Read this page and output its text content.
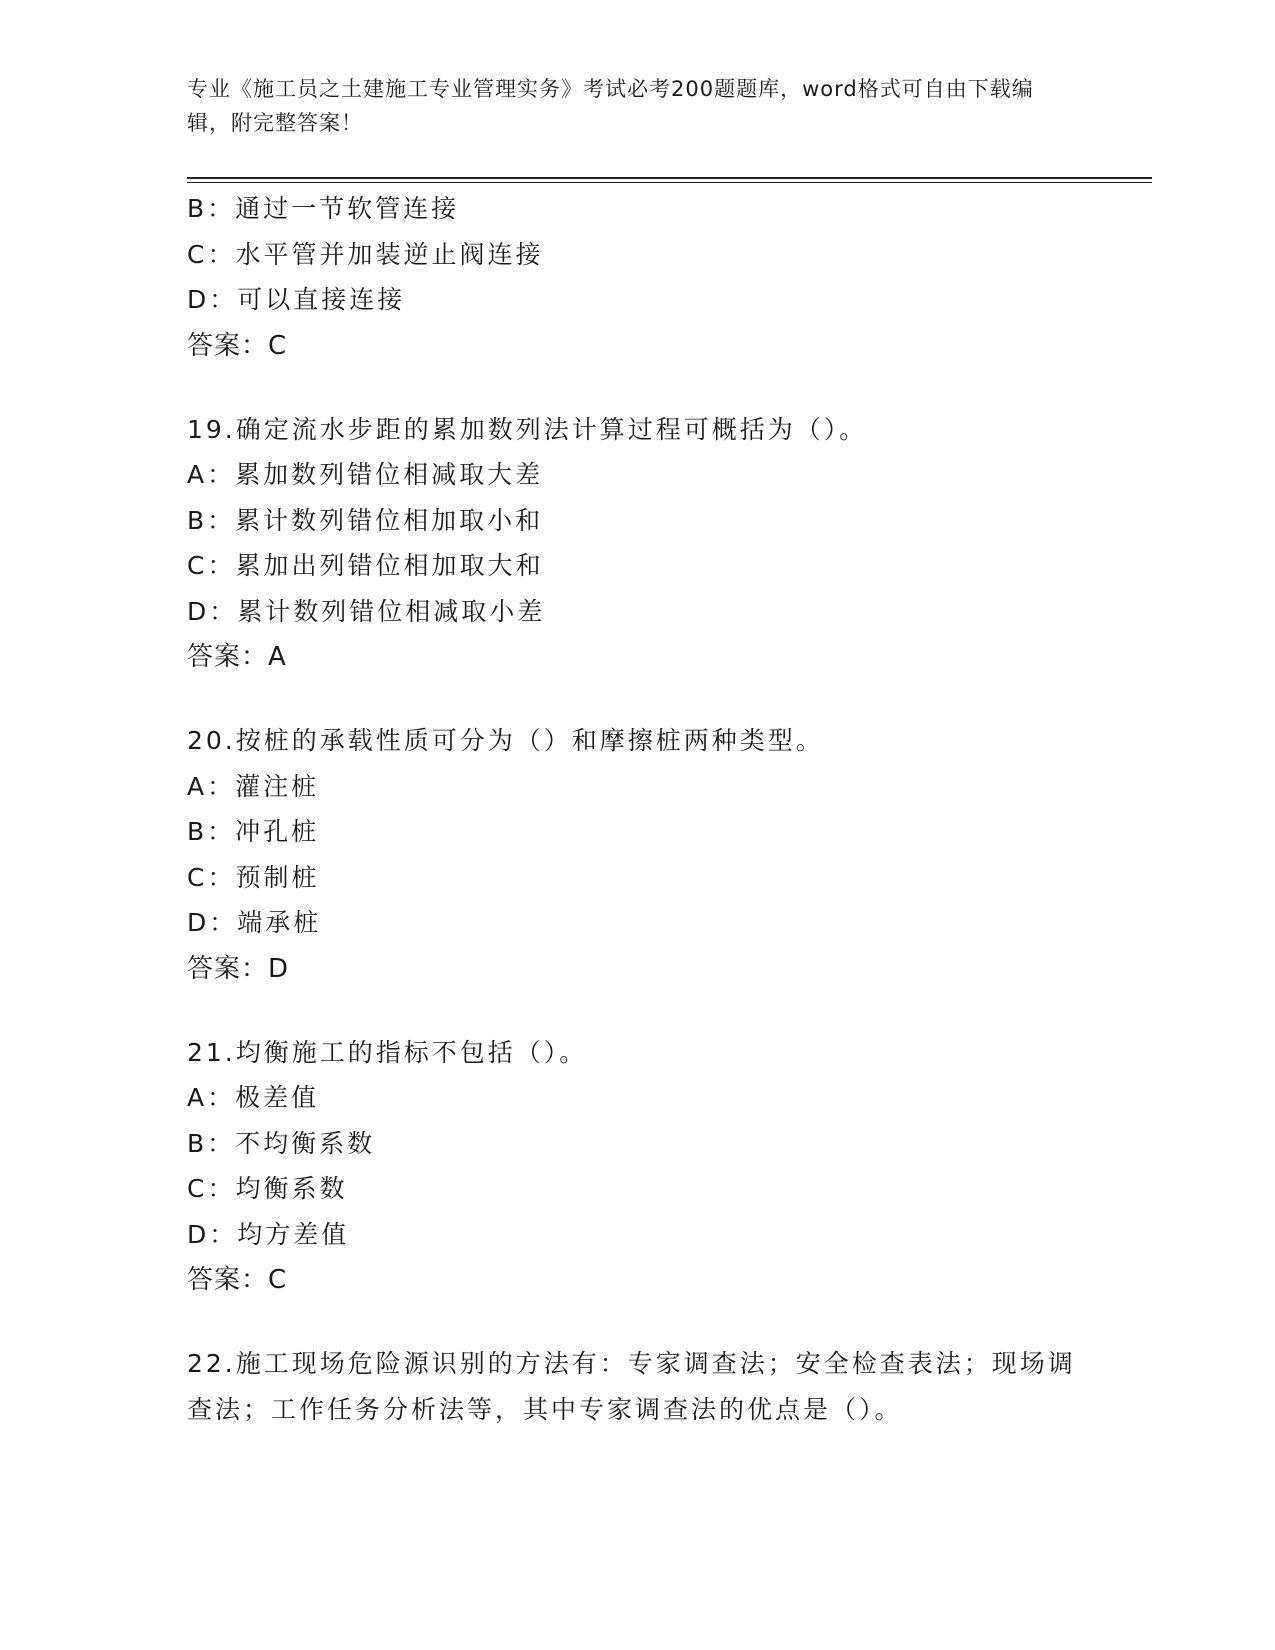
专业《施工员之土建施工专业管理实务》考试必考200题题库，word格式可自由下载编辑，附完整答案！
B：通过一节软管连接
C：水平管并加装逆止阀连接
D：可以直接连接
答案：C
19.确定流水步距的累加数列法计算过程可概括为（）。
A：累加数列错位相减取大差
B：累计数列错位相加取小和
C：累加出列错位相加取大和
D：累计数列错位相减取小差
答案：A
20.按桩的承载性质可分为（）和摩擦桩两种类型。
A：灌注桩
B：冲孔桩
C：预制桩
D：端承桩
答案：D
21.均衡施工的指标不包括（）。
A：极差值
B：不均衡系数
C：均衡系数
D：均方差值
答案：C
22.施工现场危险源识别的方法有：专家调查法；安全检查表法；现场调查法；工作任务分析法等，其中专家调查法的优点是（）。
